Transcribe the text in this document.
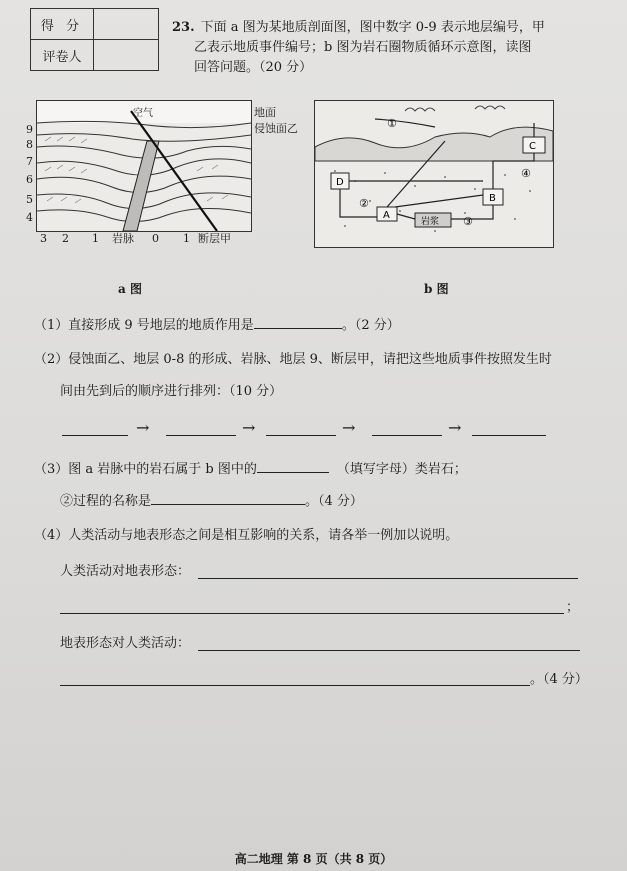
得 分	
评卷人	
23. 下面 a 图为某地质剖面图，图中数字 0-9 表示地层编号，甲
乙表示地质事件编号；b 图为岩石圈物质循环示意图，读图
回答问题。（20 分）
空气	地面
侵蚀面乙
9
8
7
6
5
4
3 2 1 岩脉 0 1 断层甲
a 图
①
②
③
④
D
A
B
C
岩浆
b 图
（1）直接形成 9 号地层的地质作用是	。（2 分）
（2）侵蚀面乙、地层 0-8 的形成、岩脉、地层 9、断层甲，请把这些地质事件按照发生时
间由先到后的顺序进行排列：（10 分）
→	→	→	→
（3）图 a 岩脉中的岩石属于 b 图中的	（填写字母）类岩石；
②过程的名称是	。（4 分）
（4）人类活动与地表形态之间是相互影响的关系，请各举一例加以说明。
人类活动对地表形态：
；
地表形态对人类活动：
。（4 分）
高二地理 第 8 页（共 8 页）
